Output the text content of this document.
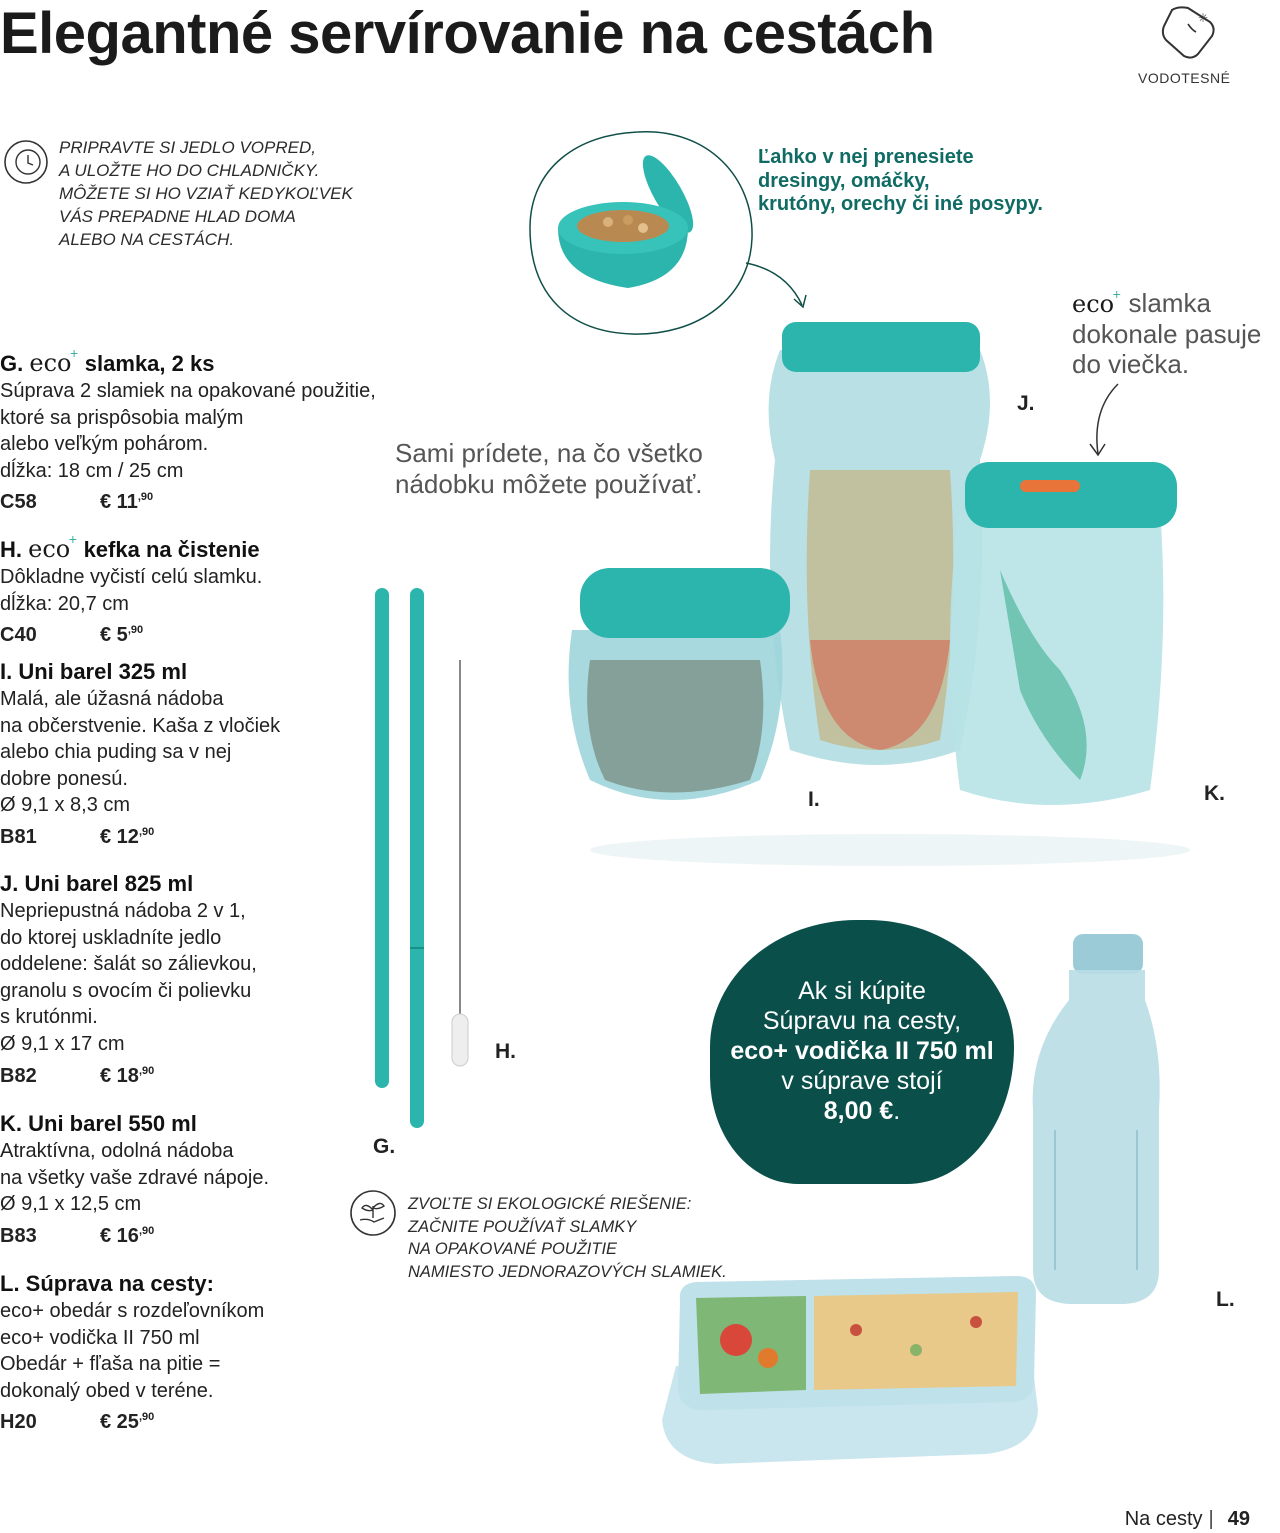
Elegantné servírovanie na cestách	✳
VODOTESNÉ
PRIPRAVTE SI JEDLO VOPRED,
A ULOŽTE HO DO CHLADNIČKY.
MÔŽETE SI HO VZIAŤ KEDYKOĽVEK
VÁS PREPADNE HLAD DOMA
ALEBO NA CESTÁCH.
Ľahko v nej prenesiete
dresingy, omáčky,
krutóny, orechy či iné posypy.
eco+ slamka
dokonale pasuje
do viečka.
Sami prídete, na čo všetko
nádobku môžete používať.
J.
I.	K.
H.
G.
G. eco+ slamka, 2 ks
Súprava 2 slamiek na opakované použitie,
ktoré sa prispôsobia malým
alebo veľkým pohárom.
dĺžka: 18 cm / 25 cm
C58	€ $11^{,90}$
H. eco+ kefka na čistenie
Dôkladne vyčistí celú slamku.
dĺžka: 20,7 cm
C40	€ $5^{,90}$
I. Uni barel 325 ml
Malá, ale úžasná nádoba
na občerstvenie. Kaša z vločiek
alebo chia puding sa v nej
dobre ponesú.
Ø 9,1 x 8,3 cm
B81	€ $12^{,90}$
J. Uni barel 825 ml
Nepriepustná nádoba 2 v 1,
do ktorej uskladníte jedlo
oddelene: šalát so zálievkou,
granolu s ovocím či polievku
s krutónmi.
Ø 9,1 x 17 cm
B82	€ $18^{,90}$
K. Uni barel 550 ml
Atraktívna, odolná nádoba
na všetky vaše zdravé nápoje.
Ø 9,1 x 12,5 cm
B83	€ $16^{,90}$
L. Súprava na cesty:
eco+ obedár s rozdeľovníkom
eco+ vodička II 750 ml
Obedár + fľaša na pitie =
dokonalý obed v teréne.
H20	€ $25^{,90}$
Ak si kúpite
Súpravu na cesty,
eco+ vodička II 750 ml
v súprave stojí
8,00 €.
ZVOĽTE SI EKOLOGICKÉ RIEŠENIE:
ZAČNITE POUŽÍVAŤ SLAMKY
NA OPAKOVANÉ POUŽITIE
NAMIESTO JEDNORAZOVÝCH SLAMIEK.
L.
Na cesty | 49
